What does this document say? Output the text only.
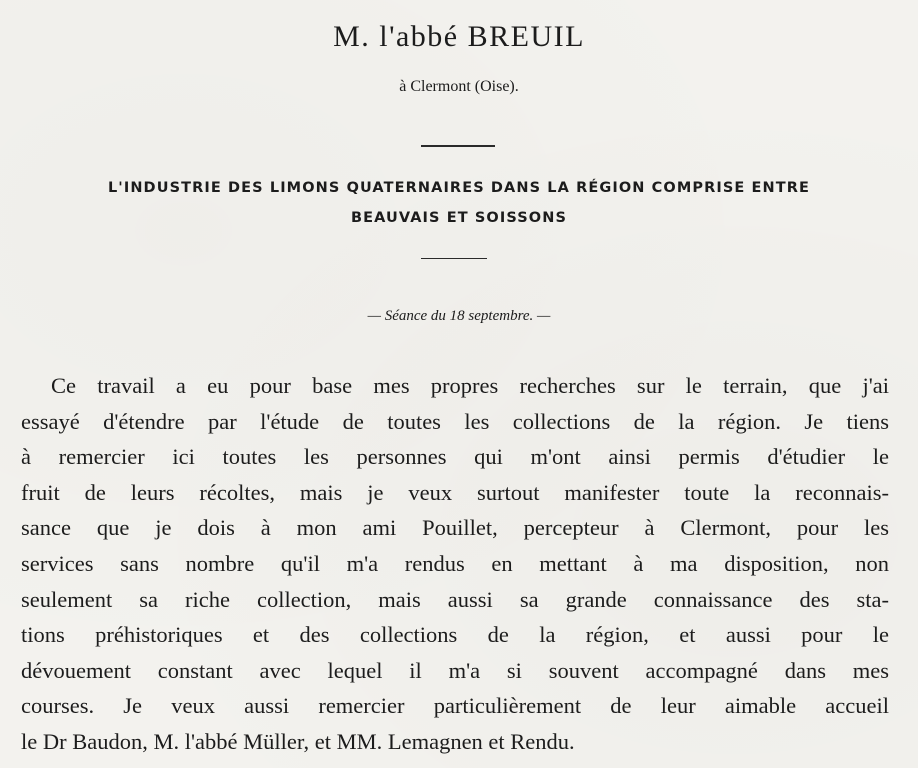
M. l'abbé BREUIL
à Clermont (Oise).
L'INDUSTRIE DES LIMONS QUATERNAIRES DANS LA RÉGION COMPRISE ENTRE
BEAUVAIS ET SOISSONS
— Séance du 18 septembre. —
Ce travail a eu pour base mes propres recherches sur le terrain, que j'ai
essayé d'étendre par l'étude de toutes les collections de la région. Je tiens
à remercier ici toutes les personnes qui m'ont ainsi permis d'étudier le
fruit de leurs récoltes, mais je veux surtout manifester toute la reconnais-
sance que je dois à mon ami Pouillet, percepteur à Clermont, pour les
services sans nombre qu'il m'a rendus en mettant à ma disposition, non
seulement sa riche collection, mais aussi sa grande connaissance des sta-
tions préhistoriques et des collections de la région, et aussi pour le
dévouement constant avec lequel il m'a si souvent accompagné dans mes
courses. Je veux aussi remercier particulièrement de leur aimable accueil
le Dr Baudon, M. l'abbé Müller, et MM. Lemagnen et Rendu.
